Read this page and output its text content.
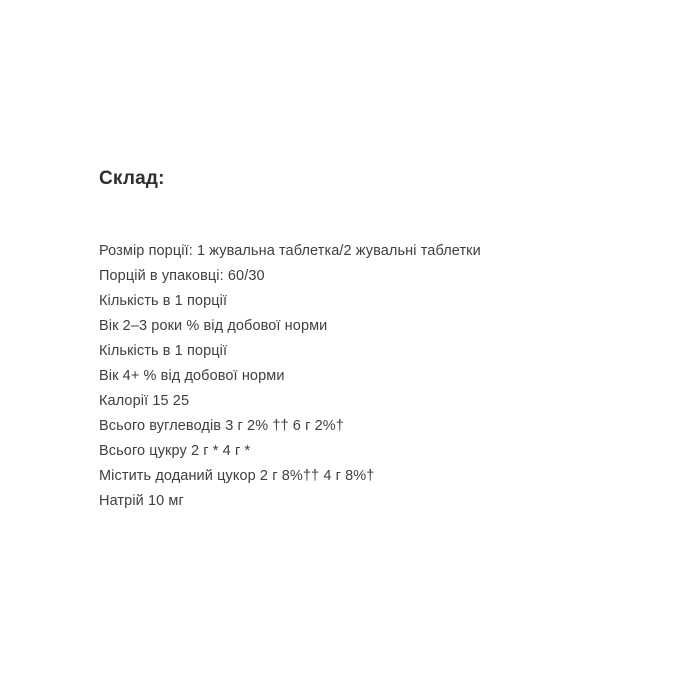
Склад:
Розмір порції: 1 жувальна таблетка/2 жувальні таблетки
Порцій в упаковці: 60/30
Кількість в 1 порції
Вік 2–3 роки % від добової норми
Кількість в 1 порції
Вік 4+ % від добової норми
Калорії 15 25
Всього вуглеводів 3 г 2% †† 6 г 2%†
Всього цукру 2 г * 4 г *
Містить доданий цукор 2 г 8%†† 4 г 8%†
Натрій 10 мг
